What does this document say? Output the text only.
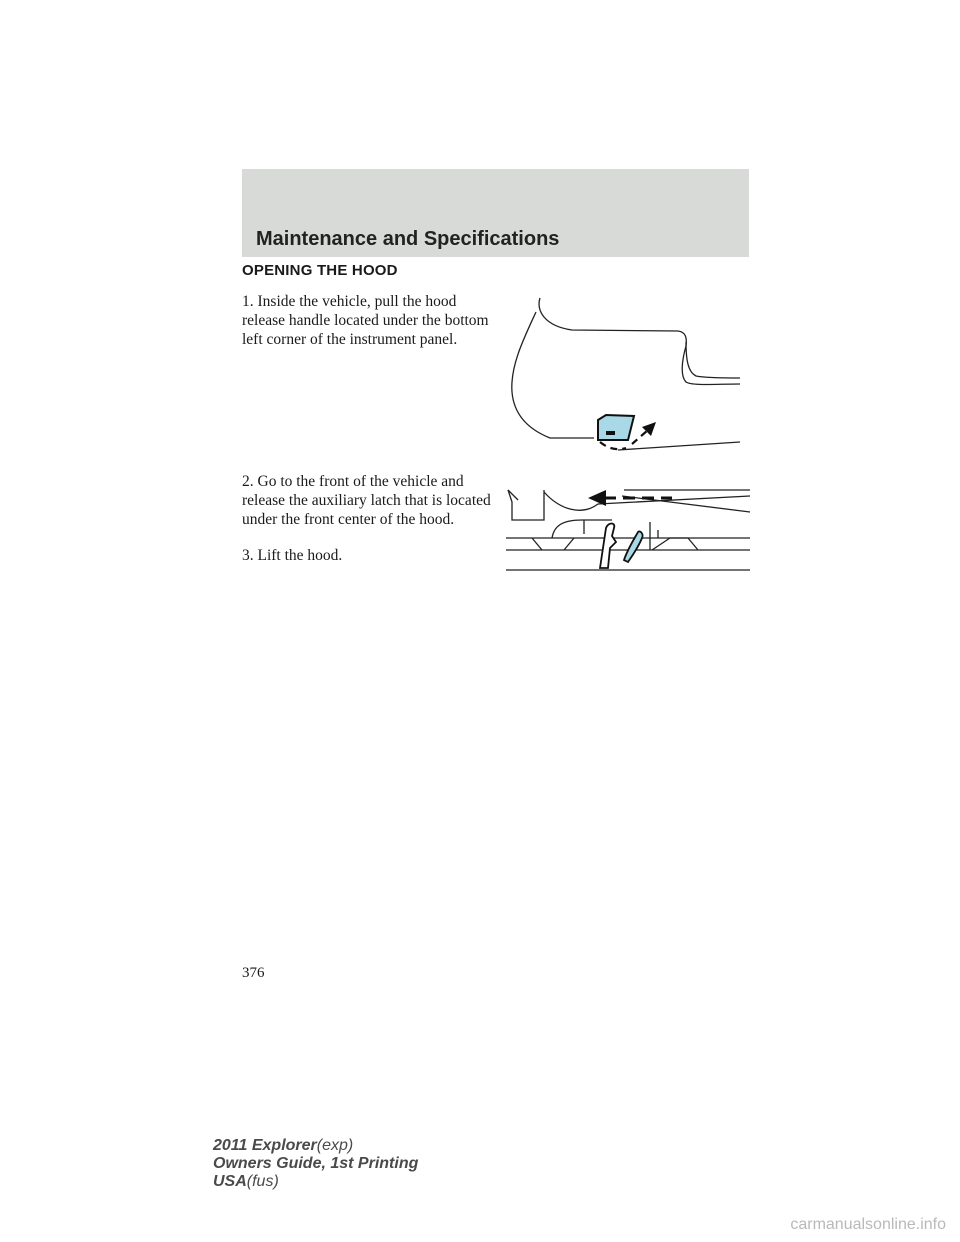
Maintenance and Specifications
OPENING THE HOOD

1. Inside the vehicle, pull the hood release handle located under the bottom left corner of the instrument panel.

2. Go to the front of the vehicle and release the auxiliary latch that is located under the front center of the hood.

3. Lift the hood.

376
2011 Explorer(exp)
Owners Guide, 1st Printing
USA(fus)
carmanualsonline.info
